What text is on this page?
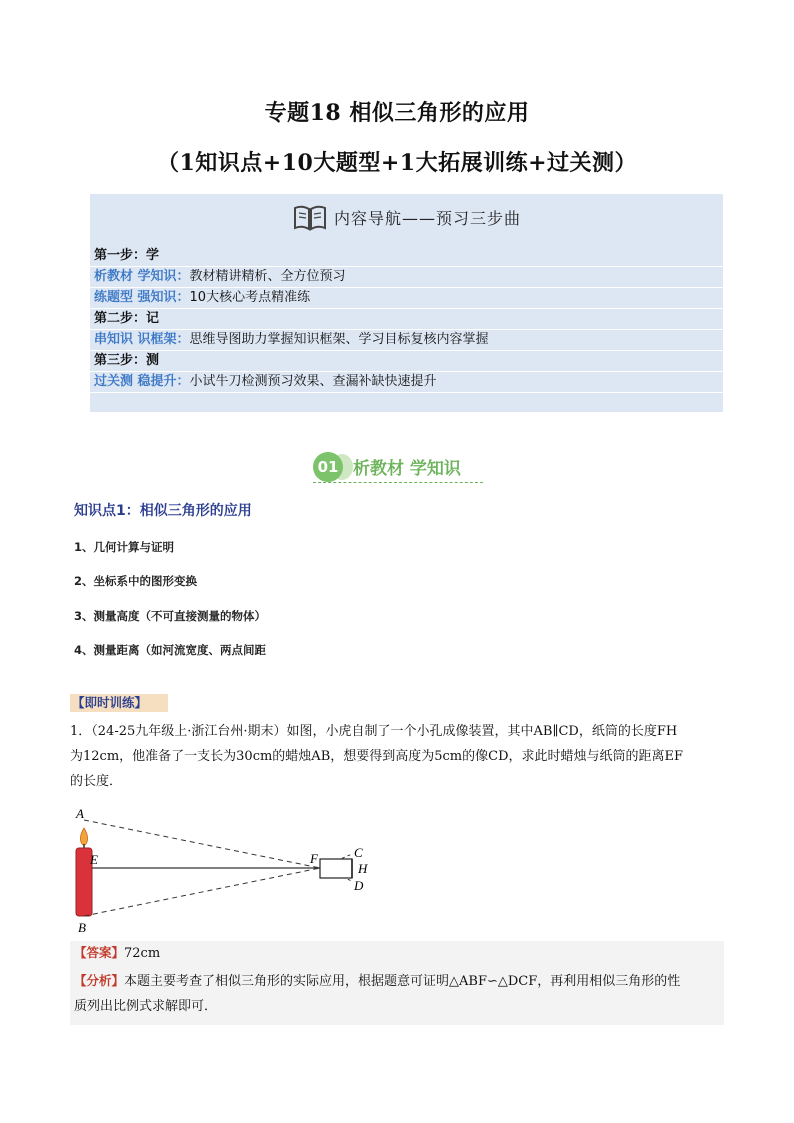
专题18 相似三角形的应用
（1知识点+10大题型+1大拓展训练+过关测）
内容导航——预习三步曲
第一步：学
析教材 学知识：教材精讲精析、全方位预习
练题型 强知识：10大核心考点精准练
第二步：记
串知识 识框架：思维导图助力掌握知识框架、学习目标复核内容掌握
第三步：测
过关测 稳提升：小试牛刀检测预习效果、查漏补缺快速提升
01 析教材 学知识
知识点1：相似三角形的应用
1、几何计算与证明
2、坐标系中的图形变换
3、测量高度（不可直接测量的物体）
4、测量距离（如河流宽度、两点间距
【即时训练】
1．（24-25九年级上·浙江台州·期末）如图，小虎自制了一个小孔成像装置，其中AB∥CD，纸筒的长度FH
为12cm，他准备了一支长为30cm的蜡烛AB，想要得到高度为5cm的像CD，求此时蜡烛与纸筒的距离EF
的长度．
A
E
B
F	C
H
D
【答案】72cm
【分析】本题主要考查了相似三角形的实际应用，根据题意可证明△ABF∽△DCF，再利用相似三角形的性
质列出比例式求解即可．
